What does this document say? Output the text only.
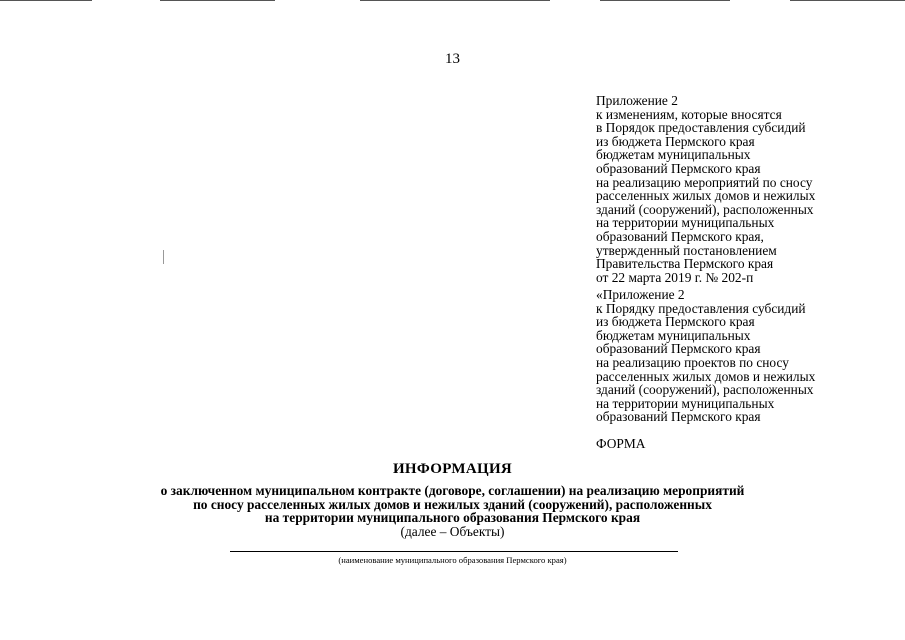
13
Приложение 2
к изменениям, которые вносятся
в Порядок предоставления субсидий
из бюджета Пермского края
бюджетам муниципальных
образований Пермского края
на реализацию мероприятий по сносу
расселенных жилых домов и нежилых
зданий (сооружений), расположенных
на территории муниципальных
образований Пермского края,
утвержденный постановлением
Правительства Пермского края
от 22 марта 2019 г. № 202-п
«Приложение 2
к Порядку предоставления субсидий
из бюджета Пермского края
бюджетам муниципальных
образований Пермского края
на реализацию проектов по сносу
расселенных жилых домов и нежилых
зданий (сооружений), расположенных
на территории муниципальных
образований Пермского края
ФОРМА
ИНФОРМАЦИЯ
о заключенном муниципальном контракте (договоре, соглашении) на реализацию мероприятий
по сносу расселенных жилых домов и нежилых зданий (сооружений), расположенных
на территории муниципального образования Пермского края
(далее – Объекты)
(наименование муниципального образования Пермского края)
